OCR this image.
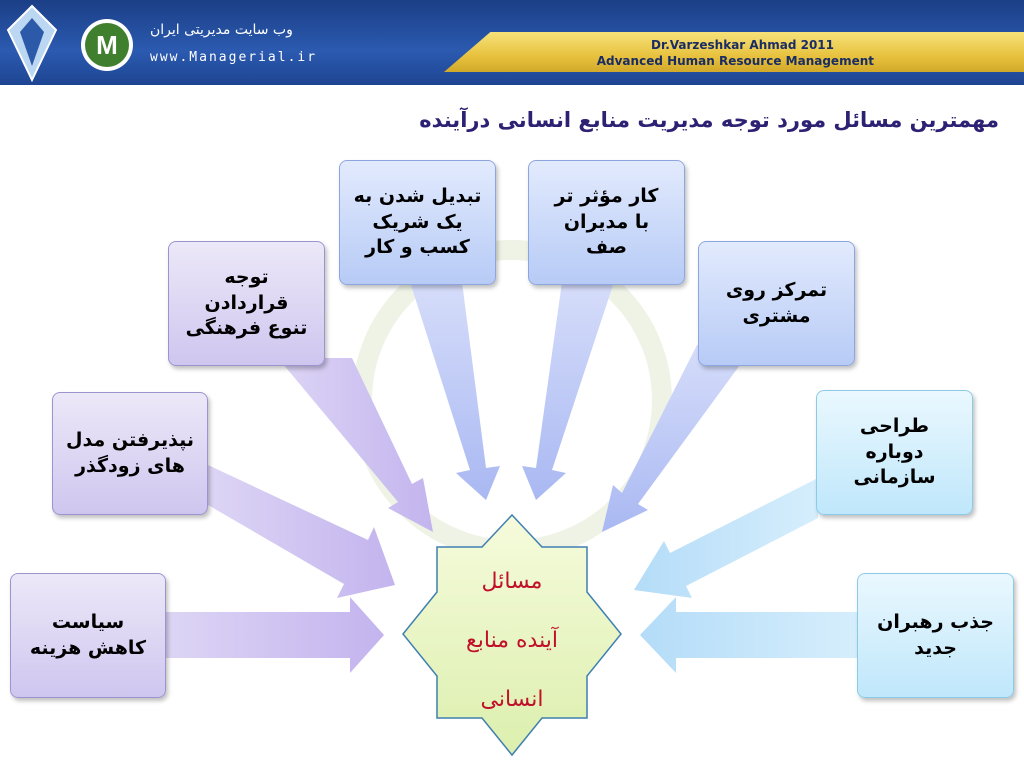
M وب سایت مدیریتی ایران
www.Managerial.ir
Dr.Varzeshkar Ahmad 2011
Advanced Human Resource Management
مهمترین مسائل مورد توجه مدیریت منابع انسانی درآینده
مسائل
آینده منابع
انسانی
سیاست
کاهش هزینه
نپذیرفتن مدل
های زودگذر
توجه
قراردادن
تنوع فرهنگی
تبدیل شدن به
یک شریک
کسب و کار
کار مؤثر تر
با مدیران
صف
تمرکز روی
مشتری
طراحی
دوباره
سازمانی
جذب رهبران
جدید
